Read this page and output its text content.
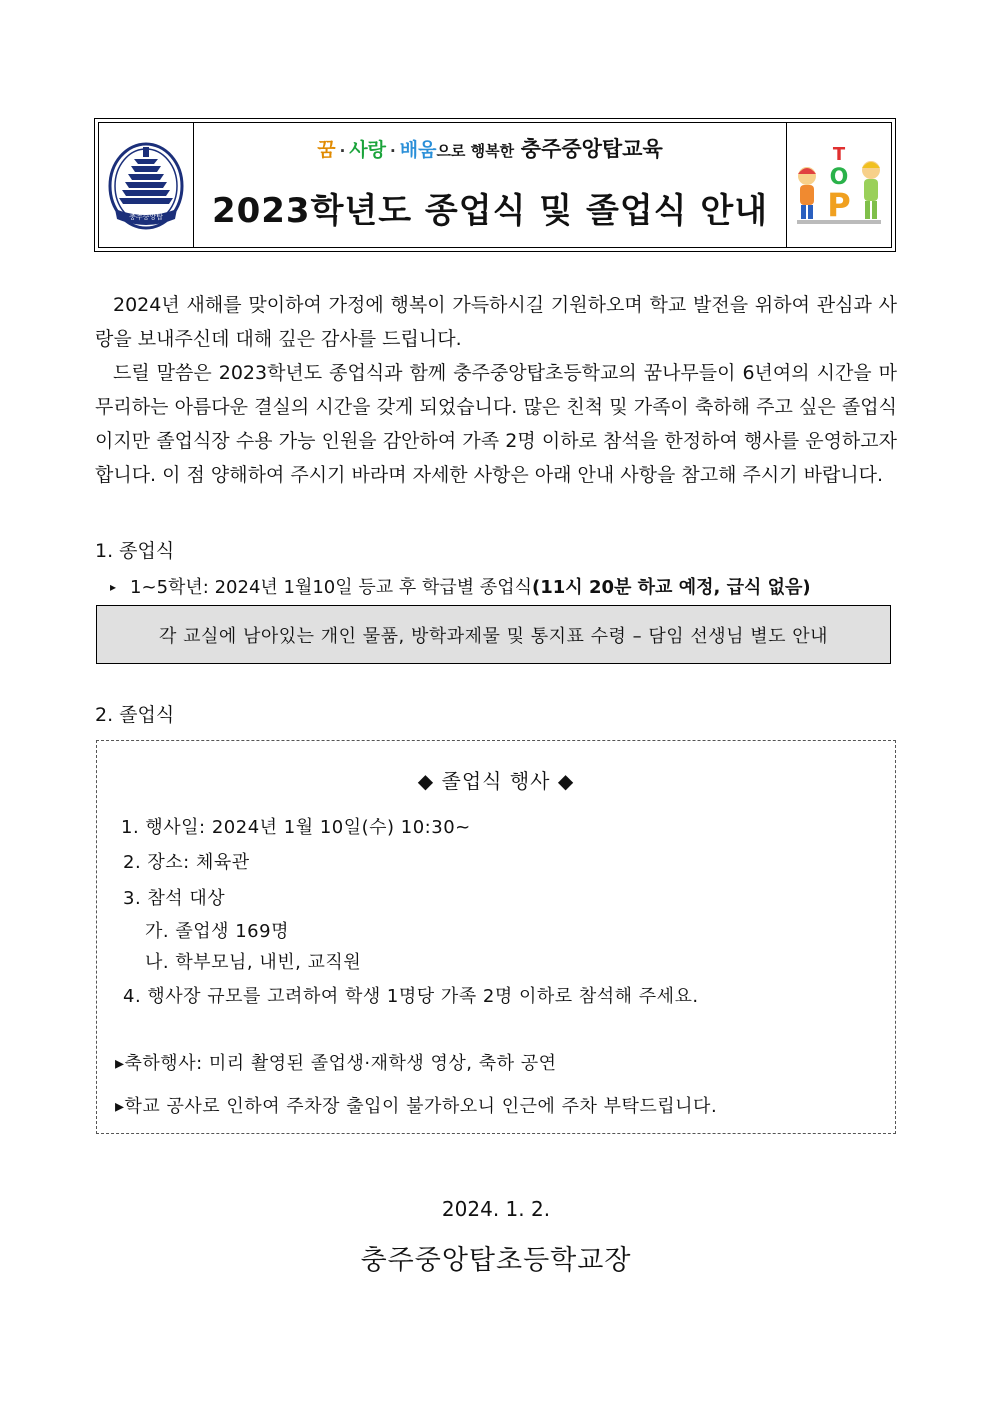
충주중앙탑
꿈 · 사랑 · 배움으로 행복한 충주중앙탑교육
2023학년도 종업식 및 졸업식 안내
T
O
P
2024년 새해를 맞이하여 가정에 행복이 가득하시길 기원하오며 학교 발전을 위하여 관심과 사랑을 보내주신데 대해 깊은 감사를 드립니다.
드릴 말씀은 2023학년도 종업식과 함께 충주중앙탑초등학교의 꿈나무들이 6년여의 시간을 마무리하는 아름다운 결실의 시간을 갖게 되었습니다. 많은 친척 및 가족이 축하해 주고 싶은 졸업식이지만 졸업식장 수용 가능 인원을 감안하여 가족 2명 이하로 참석을 한정하여 행사를 운영하고자 합니다. 이 점 양해하여 주시기 바라며 자세한 사항은 아래 안내 사항을 참고해 주시기 바랍니다.
1. 종업식
▸ 1~5학년: 2024년 1월10일 등교 후 학급별 종업식(11시 20분 하교 예정, 급식 없음)
각 교실에 남아있는 개인 물품, 방학과제물 및 통지표 수령 – 담임 선생님 별도 안내
2. 졸업식
◆ 졸업식 행사 ◆
1. 행사일: 2024년 1월 10일(수) 10:30~
2. 장소: 체육관
3. 참석 대상
가. 졸업생 169명
나. 학부모님, 내빈, 교직원
4. 행사장 규모를 고려하여 학생 1명당 가족 2명 이하로 참석해 주세요.
▸축하행사: 미리 촬영된 졸업생·재학생 영상, 축하 공연
▸학교 공사로 인하여 주차장 출입이 불가하오니 인근에 주차 부탁드립니다.
2024. 1. 2.
충주중앙탑초등학교장
